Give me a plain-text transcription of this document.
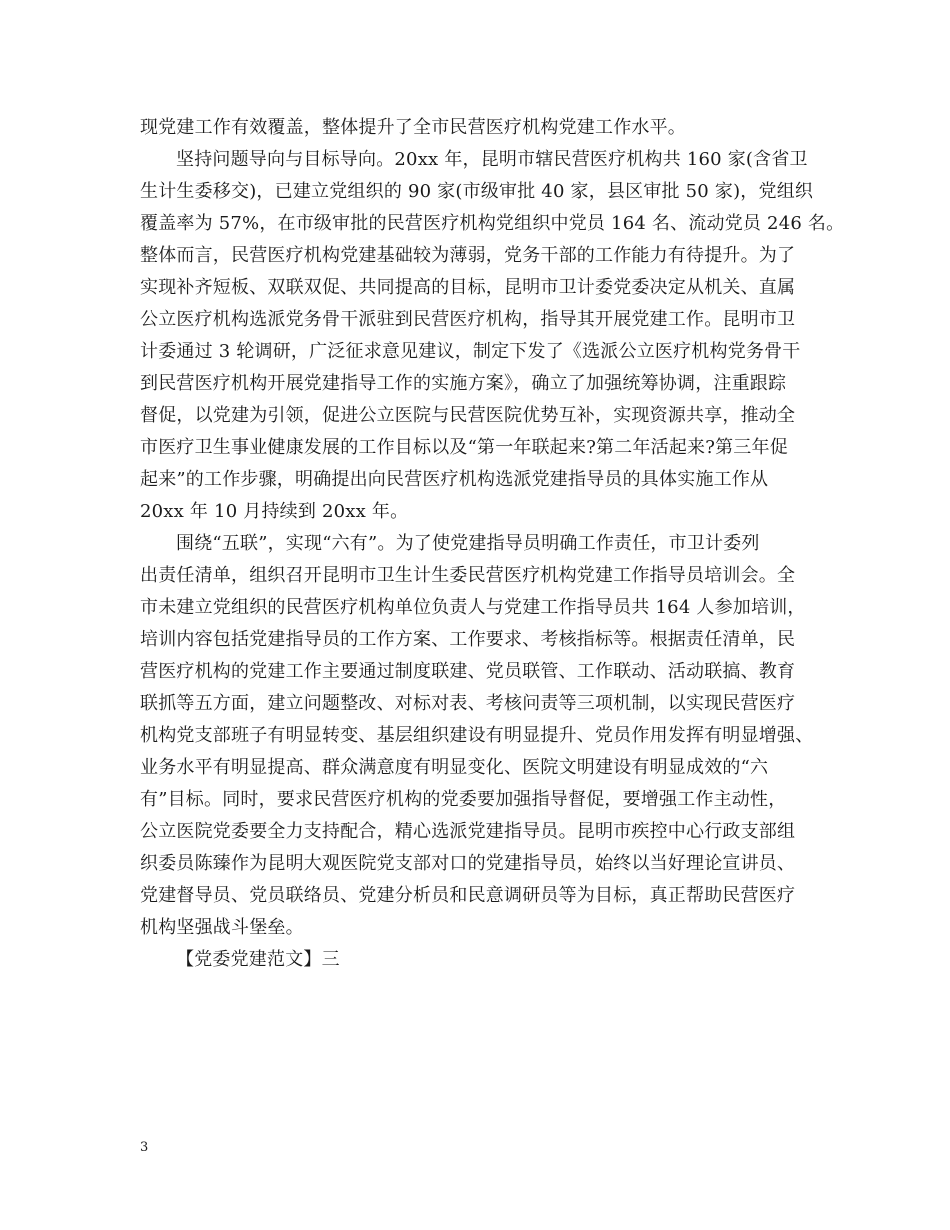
现党建工作有效覆盖，整体提升了全市民营医疗机构党建工作水平。
坚持问题导向与目标导向。20xx 年，昆明市辖民营医疗机构共 160 家(含省卫
生计生委移交)，已建立党组织的 90 家(市级审批 40 家，县区审批 50 家)，党组织
覆盖率为 57%，在市级审批的民营医疗机构党组织中党员 164 名、流动党员 246 名。
整体而言，民营医疗机构党建基础较为薄弱，党务干部的工作能力有待提升。为了
实现补齐短板、双联双促、共同提高的目标，昆明市卫计委党委决定从机关、直属
公立医疗机构选派党务骨干派驻到民营医疗机构，指导其开展党建工作。昆明市卫
计委通过 3 轮调研，广泛征求意见建议，制定下发了《选派公立医疗机构党务骨干
到民营医疗机构开展党建指导工作的实施方案》，确立了加强统筹协调，注重跟踪
督促，以党建为引领，促进公立医院与民营医院优势互补，实现资源共享，推动全
市医疗卫生事业健康发展的工作目标以及“第一年联起来?第二年活起来?第三年促
起来”的工作步骤，明确提出向民营医疗机构选派党建指导员的具体实施工作从
20xx 年 10 月持续到 20xx 年。
围绕“五联”，实现“六有”。为了使党建指导员明确工作责任，市卫计委列
出责任清单，组织召开昆明市卫生计生委民营医疗机构党建工作指导员培训会。全
市未建立党组织的民营医疗机构单位负责人与党建工作指导员共 164 人参加培训，
培训内容包括党建指导员的工作方案、工作要求、考核指标等。根据责任清单，民
营医疗机构的党建工作主要通过制度联建、党员联管、工作联动、活动联搞、教育
联抓等五方面，建立问题整改、对标对表、考核问责等三项机制，以实现民营医疗
机构党支部班子有明显转变、基层组织建设有明显提升、党员作用发挥有明显增强、
业务水平有明显提高、群众满意度有明显变化、医院文明建设有明显成效的“六
有”目标。同时，要求民营医疗机构的党委要加强指导督促，要增强工作主动性，
公立医院党委要全力支持配合，精心选派党建指导员。昆明市疾控中心行政支部组
织委员陈臻作为昆明大观医院党支部对口的党建指导员，始终以当好理论宣讲员、
党建督导员、党员联络员、党建分析员和民意调研员等为目标，真正帮助民营医疗
机构坚强战斗堡垒。
【党委党建范文】三
3
